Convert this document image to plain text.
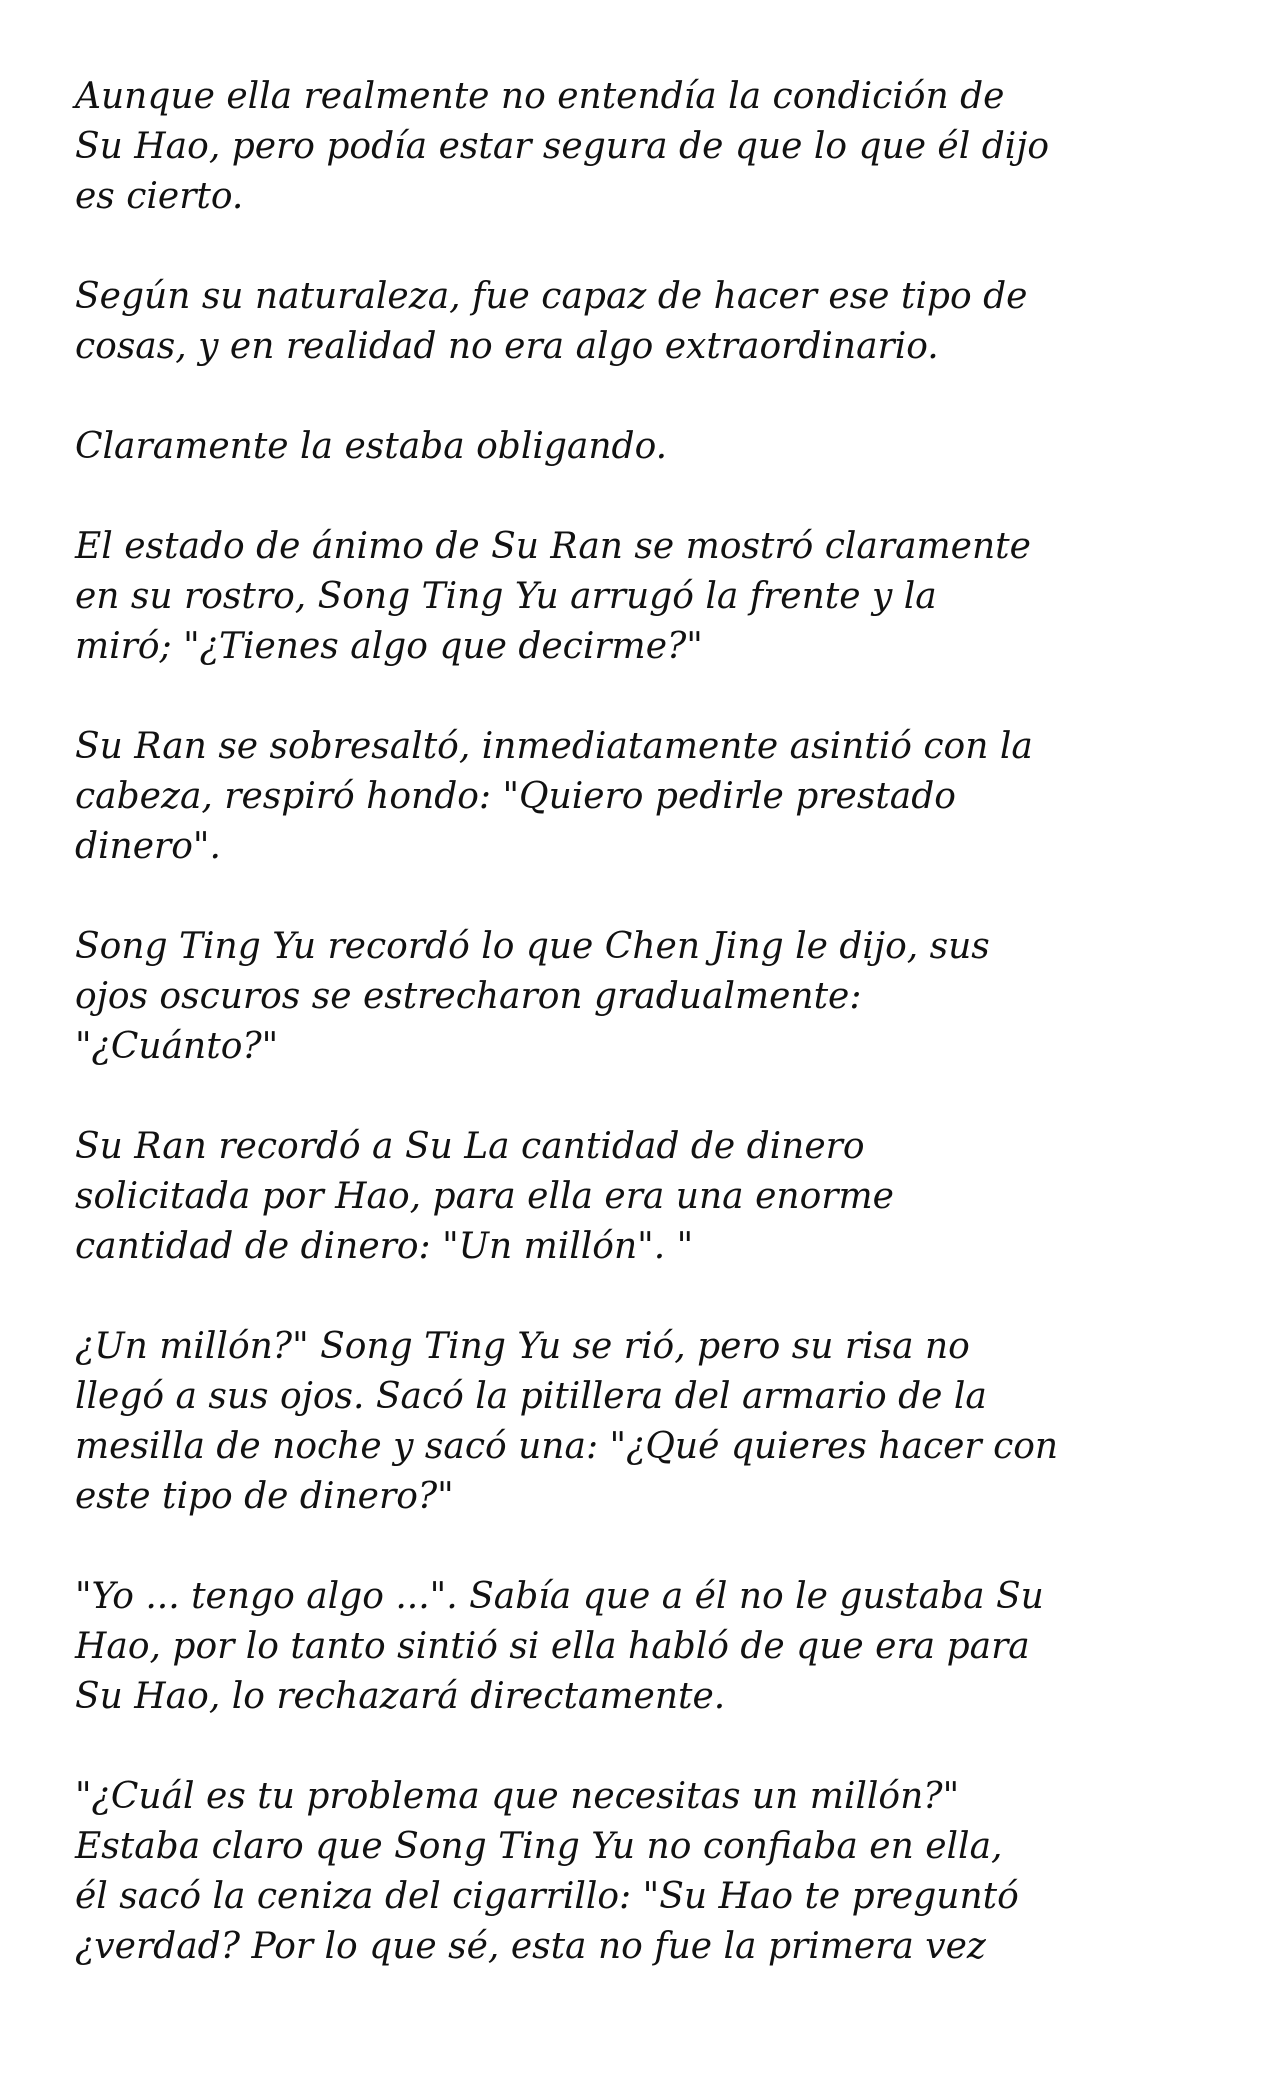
Aunque ella realmente no entendía la condición de
Su Hao, pero podía estar segura de que lo que él dijo
es cierto.

Según su naturaleza, fue capaz de hacer ese tipo de
cosas, y en realidad no era algo extraordinario.

Claramente la estaba obligando.

El estado de ánimo de Su Ran se mostró claramente
en su rostro, Song Ting Yu arrugó la frente y la
miró; "¿Tienes algo que decirme?"

Su Ran se sobresaltó, inmediatamente asintió con la
cabeza, respiró hondo: "Quiero pedirle prestado
dinero".

Song Ting Yu recordó lo que Chen Jing le dijo, sus
ojos oscuros se estrecharon gradualmente:
"¿Cuánto?"

Su Ran recordó a Su La cantidad de dinero
solicitada por Hao, para ella era una enorme
cantidad de dinero: "Un millón". "

¿Un millón?" Song Ting Yu se rió, pero su risa no
llegó a sus ojos. Sacó la pitillera del armario de la
mesilla de noche y sacó una: "¿Qué quieres hacer con
este tipo de dinero?"

"Yo ... tengo algo ...". Sabía que a él no le gustaba Su
Hao, por lo tanto sintió si ella habló de que era para
Su Hao, lo rechazará directamente.

"¿Cuál es tu problema que necesitas un millón?"
Estaba claro que Song Ting Yu no confiaba en ella,
él sacó la ceniza del cigarrillo: "Su Hao te preguntó
¿verdad? Por lo que sé, esta no fue la primera vez
